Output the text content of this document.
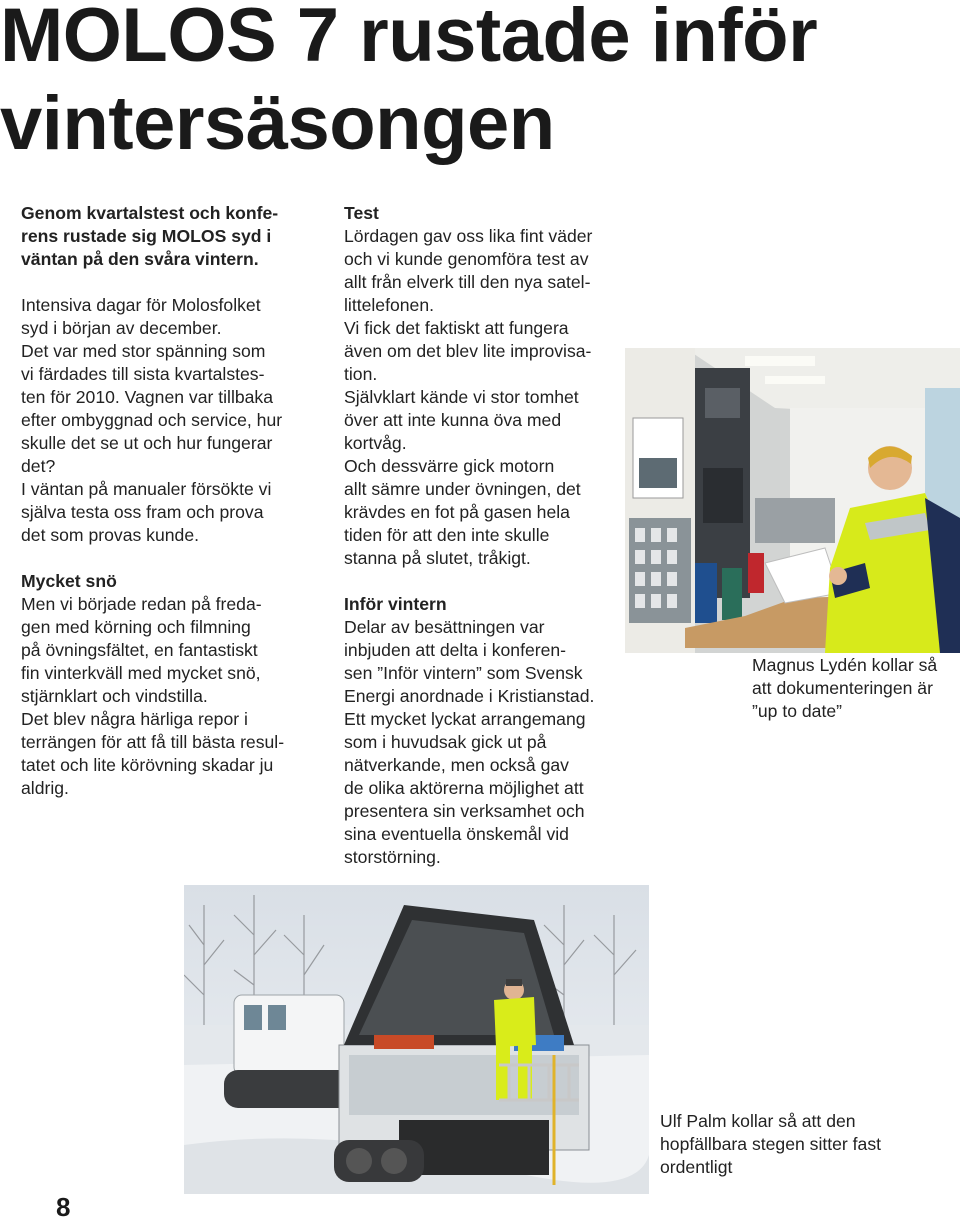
MOLOS 7 rustade inför
vintersäsongen

Genom kvartalstest och konfe-

rens rustade sig MOLOS syd i

väntan på den svåra vintern.

Intensiva dagar för Molosfolket

syd i början av december.

Det var med stor spänning som

vi färdades till sista kvartalstes-

ten för 2010. Vagnen var tillbaka

efter ombyggnad och service, hur

skulle det se ut och hur fungerar

det?

I väntan på manualer försökte vi

själva testa oss fram och prova

det som provas kunde.

Mycket snö

Men vi började redan på freda-

gen med körning och filmning

på övningsfältet, en fantastiskt

fin vinterkväll med mycket snö,

stjärnklart och vindstilla.

Det blev några härliga repor i

terrängen för att få till bästa resul-

tatet och lite körövning skadar ju

aldrig.

Test

Lördagen gav oss lika fint väder

och vi kunde genomföra test av

allt från elverk till den nya satel-

littelefonen.

Vi fick det faktiskt att fungera

även om det blev lite improvisa-

tion.

Självklart kände vi stor tomhet

över att inte kunna öva med

kortvåg.

Och dessvärre gick motorn

allt sämre under övningen, det

krävdes en fot på gasen hela

tiden för att den inte skulle

stanna på slutet, tråkigt.

Inför vintern

Delar av besättningen var

inbjuden att delta i konferen-

sen ”Inför vintern” som Svensk

Energi anordnade i Kristianstad.

Ett mycket lyckat arrangemang

som i huvudsak gick ut på

nätverkande, men också gav

de olika aktörerna möjlighet att

presentera sin verksamhet och

sina eventuella önskemål vid

storstörning.

Magnus Lydén kollar så
att dokumenteringen är
”up to date”
Ulf Palm kollar så att den
hopfällbara stegen sitter fast
ordentligt
8
